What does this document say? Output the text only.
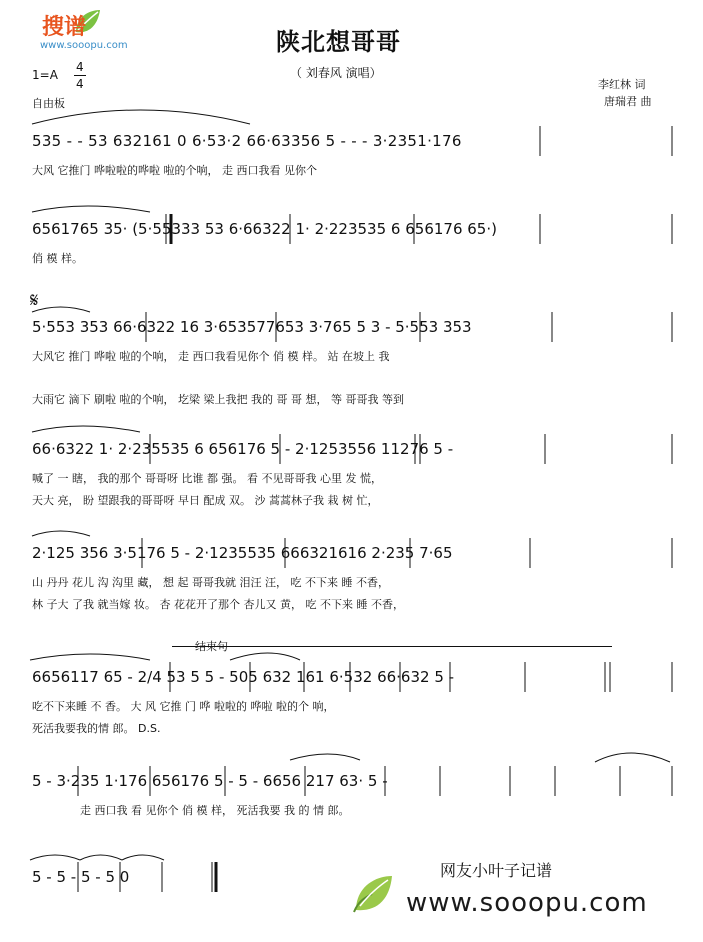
搜谱
www.sooopu.com	陕北想哥哥
（ 刘春风 演唱）
1=A
4
4
自由板
李红林 词
唐瑞君 曲
535 - - 53 632161 0 6·53·2 66·63356 5 - - - 3·2351·176
大风 它推门 哗啦啦的哗啦 啦的个响， 走 西口我看 见你个
6561765 35· (5·55333 53 6·66322 1· 2·223535 6 656176 65·)
俏 模 样。
𝄋
5·553 353 66·6322 16 3·653577653 3·765 5 3 - 5·553 353
大风它 推门 哗啦 啦的个响， 走 西口我看见你个 俏 模 样。 站 在坡上 我
大雨它 滴下 刷啦 啦的个响， 圪梁 梁上我把 我的 哥 哥 想， 等 哥哥我 等到
66·6322 1· 2·235535 6 656176 5 - 2·1253556 11276 5 -
喊了 一 瞎， 我的那个 哥哥呀 比谁 都 强。 看 不见哥哥我 心里 发 慌，
天大 亮， 盼 望跟我的哥哥呀 早日 配成 双。 沙 蒿蒿林子我 栽 树 忙，
2·125 356 3·5176 5 - 2·1235535 666321616 2·235 7·65
山 丹丹 花儿 沟 沟里 藏， 想 起 哥哥我就 泪汪 汪， 吃 不下来 睡 不香，
林 子大 了我 就当嫁 妆。 杏 花花开了那个 杏儿又 黄， 吃 不下来 睡 不香，
结束句
6656117 65 - 2/4 53 5 5 - 505 632 161 6·532 66·632 5 -
吃不下来睡 不 香。 大 风 它推 门 哗 啦啦的 哗啦 啦的个 响，
死活我要我的情 郎。 D.S.
5 - 3·235 1·176 656176 5 - 5 - 6656 217 63· 5 -
走 西口我 看 见你个 俏 模 样， 死活我要 我 的 情 郎。
5 - 5 - 5 - 5 0	网友小叶子记谱
www.sooopu.com
